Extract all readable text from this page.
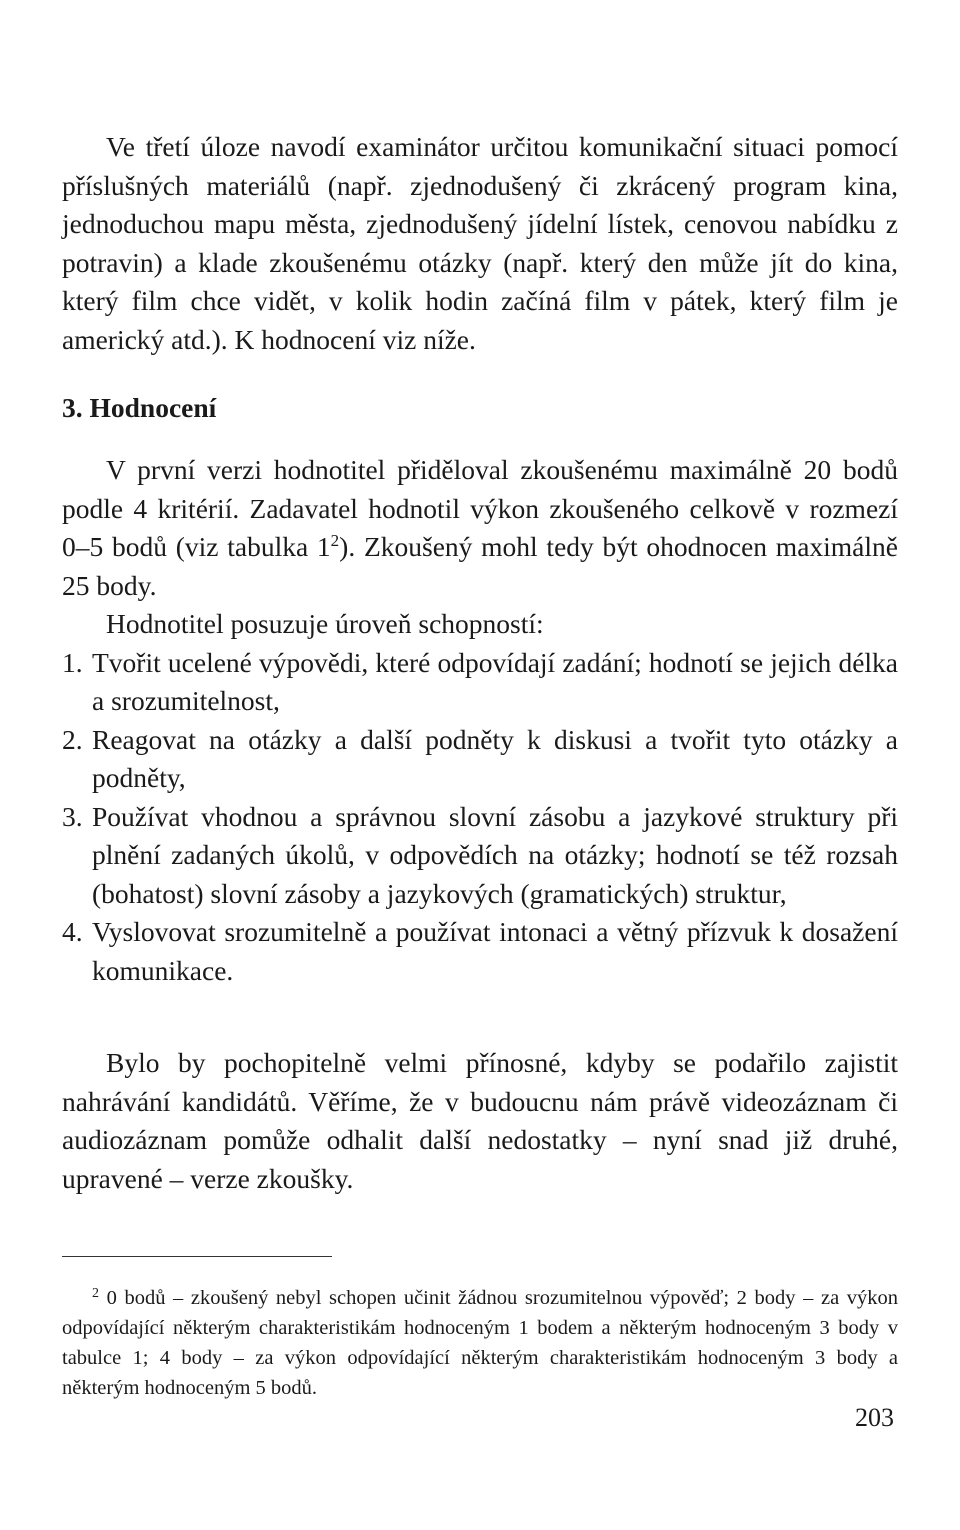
Ve třetí úloze navodí examinátor určitou komunikační situaci pomocí příslušných materiálů (např. zjednodušený či zkrácený program kina, jednoduchou mapu města, zjednodušený jídelní lístek, cenovou nabídku z potravin) a klade zkoušenému otázky (např. který den může jít do kina, který film chce vidět, v kolik hodin začíná film v pátek, který film je americký atd.). K hodnocení viz níže.

3. Hodnocení

V první verzi hodnotitel přiděloval zkoušenému maximálně 20 bodů podle 4 kritérií. Zadavatel hodnotil výkon zkoušeného celkově v rozmezí 0–5 bodů (viz tabulka 1$^2$). Zkoušený mohl tedy být ohodnocen maximálně 25 body.

Hodnotitel posuzuje úroveň schopností:

1. Tvořit ucelené výpovědi, které odpovídají zadání; hodnotí se jejich délka a srozumitelnost,
2. Reagovat na otázky a další podněty k diskusi a tvořit tyto otázky a podněty,
3. Používat vhodnou a správnou slovní zásobu a jazykové struktury při plnění zadaných úkolů, v odpovědích na otázky; hodnotí se též rozsah (bohatost) slovní zásoby a jazykových (gramatických) struktur,
4. Vyslovovat srozumitelně a používat intonaci a větný přízvuk k dosažení komunikace.

Bylo by pochopitelně velmi přínosné, kdyby se podařilo zajistit nahrávání kandidátů. Věříme, že v budoucnu nám právě videozáznam či audiozáznam pomůže odhalit další nedostatky – nyní snad již druhé, upravené – verze zkoušky.

$^2$ 0 bodů – zkoušený nebyl schopen učinit žádnou srozumitelnou výpověď; 2 body – za výkon odpovídající některým charakteristikám hodnoceným 1 bodem a některým hodnoceným 3 body v tabulce 1; 4 body – za výkon odpovídající některým charakteristikám hodnoceným 3 body a některým hodnoceným 5 bodů.

203
